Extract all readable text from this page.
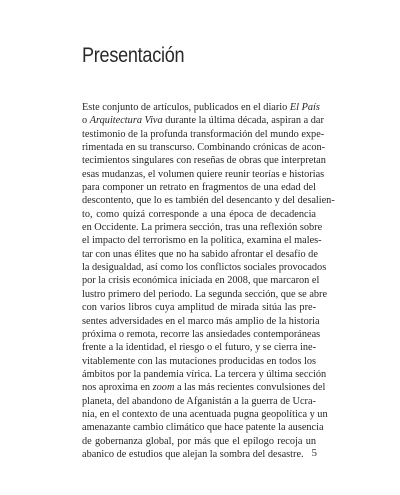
Presentación
Este conjunto de artículos, publicados en el diario El País
o Arquitectura Viva durante la última década, aspiran a dar
testimonio de la profunda transformación del mundo expe-
rimentada en su transcurso. Combinando crónicas de acon-
tecimientos singulares con reseñas de obras que interpretan
esas mudanzas, el volumen quiere reunir teorías e historias
para componer un retrato en fragmentos de una edad del
descontento, que lo es también del desencanto y del desalien-
to, como quizá corresponde a una época de decadencia
en Occidente. La primera sección, tras una reflexión sobre
el impacto del terrorismo en la política, examina el males-
tar con unas élites que no ha sabido afrontar el desafío de
la desigualdad, así como los conflictos sociales provocados
por la crisis económica iniciada en 2008, que marcaron el
lustro primero del periodo. La segunda sección, que se abre
con varios libros cuya amplitud de mirada sitúa las pre-
sentes adversidades en el marco más amplio de la historia
próxima o remota, recorre las ansiedades contemporáneas
frente a la identidad, el riesgo o el futuro, y se cierra ine-
vitablemente con las mutaciones producidas en todos los
ámbitos por la pandemia vírica. La tercera y última sección
nos aproxima en zoom a las más recientes convulsiones del
planeta, del abandono de Afganistán a la guerra de Ucra-
nia, en el contexto de una acentuada pugna geopolítica y un
amenazante cambio climático que hace patente la ausencia
de gobernanza global, por más que el epílogo recoja un
abanico de estudios que alejan la sombra del desastre. 5
